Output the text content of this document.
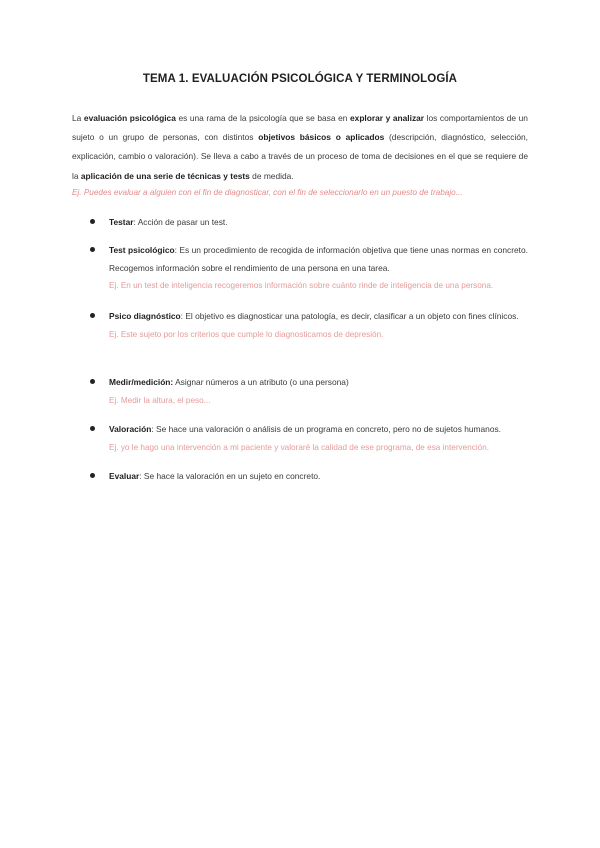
TEMA 1. EVALUACIÓN PSICOLÓGICA Y TERMINOLOGÍA
La evaluación psicológica es una rama de la psicología que se basa en explorar y analizar los comportamientos de un sujeto o un grupo de personas, con distintos objetivos básicos o aplicados (descripción, diagnóstico, selección, explicación, cambio o valoración). Se lleva a cabo a través de un proceso de toma de decisiones en el que se requiere de la aplicación de una serie de técnicas y tests de medida.
Ej. Puedes evaluar a alguien con el fin de diagnosticar, con el fin de seleccionarlo en un puesto de trabajo...
Testar: Acción de pasar un test.
Test psicológico: Es un procedimiento de recogida de información objetiva que tiene unas normas en concreto. Recogemos información sobre el rendimiento de una persona en una tarea.
Ej. En un test de inteligencia recogeremos información sobre cuánto rinde de inteligencia de una persona.
Psico diagnóstico: El objetivo es diagnosticar una patología, es decir, clasificar a un objeto con fines clínicos.
Ej. Este sujeto por los criterios que cumple lo diagnosticamos de depresión.
Medir/medición: Asignar números a un atributo (o una persona)
Ej. Medir la altura, el peso...
Valoración: Se hace una valoración o análisis de un programa en concreto, pero no de sujetos humanos.
Ej. yo le hago una intervención a mi paciente y valoraré la calidad de ese programa, de esa intervención.
Evaluar: Se hace la valoración en un sujeto en concreto.
